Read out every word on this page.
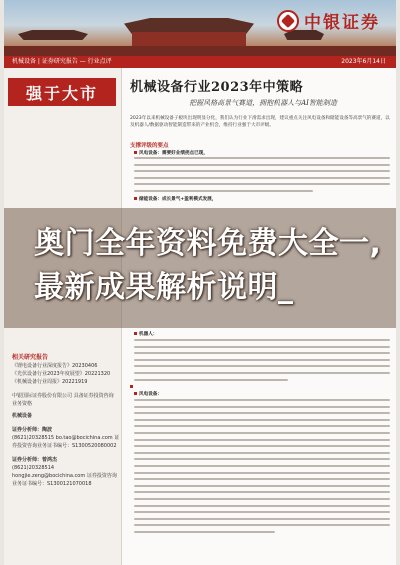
中银证券
机械设备 | 证券研究报告 — 行业点评	2023年6月14日
强于大市 机械设备行业2023年中策略
把握风格高景气赛道，拥抱机器人与AI智能制造
2023年以来机械设备子板块出现明显分化，我们认为行业下滑需求出现，建议重点关注风电设备和储能设备等高景气的赛道，以及机器人/数据驱动智能制造带来的产业机会，维持行业强于大市评级。
支撑评级的要点
风电设备：需要好业绩拐点已现，
储能设备：成长景气+盈利模式发展，
奥门全年资料免费大全一,最新成果解析说明_
机器人：
风电设备：
相关研究报告
《锂电设备行业深度报告》20230406
《光伏设备行业2023年度展望》20221320
《机械设备行业周报》20221919
中银国际证券股份有限公司 具备证券投资咨询业务资格
机械设备
证券分析师：陶波
(8621)20328515 bo.tao@bocichina.com 证券投资咨询业务证书编号：S1300520080002
证券分析师：曾鸿杰
(8621)20328514 hongjie.zeng@bocichina.com 证券投资咨询业务证书编号：S1300121070018
